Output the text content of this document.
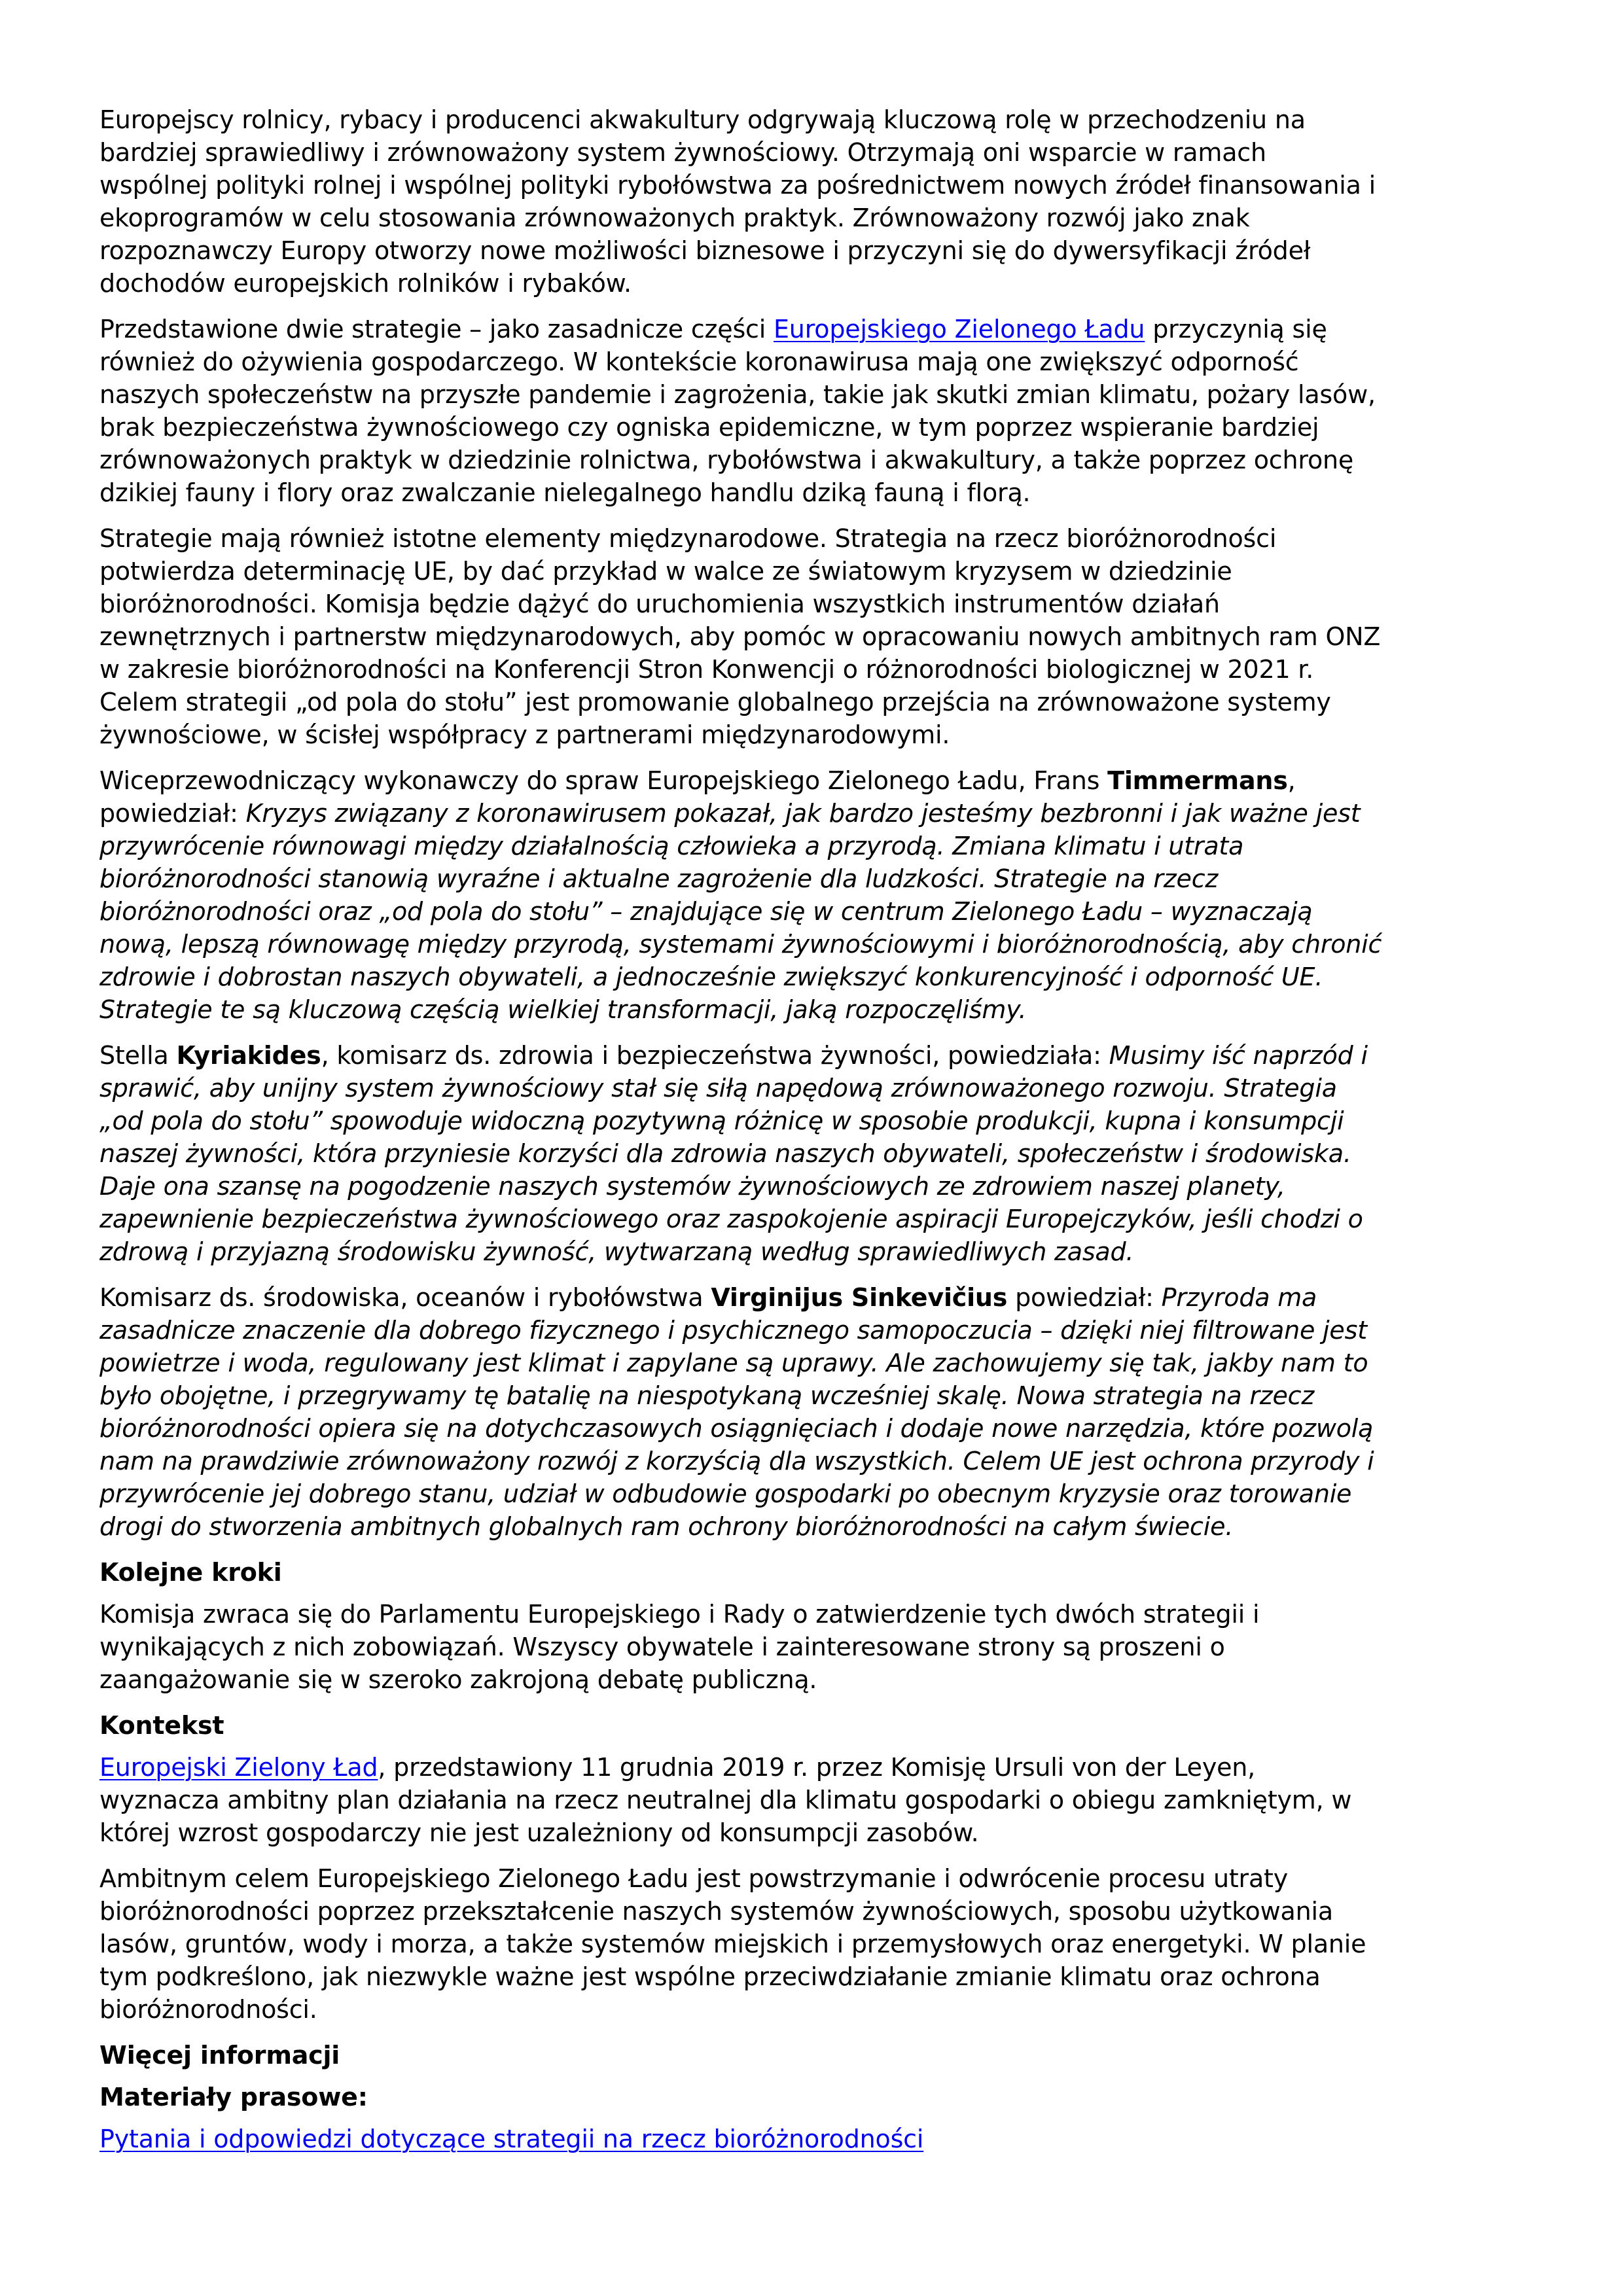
Europejscy rolnicy, rybacy i producenci akwakultury odgrywają kluczową rolę w przechodzeniu na
bardziej sprawiedliwy i zrównoważony system żywnościowy. Otrzymają oni wsparcie w ramach
wspólnej polityki rolnej i wspólnej polityki rybołówstwa za pośrednictwem nowych źródeł finansowania i
ekoprogramów w celu stosowania zrównoważonych praktyk. Zrównoważony rozwój jako znak
rozpoznawczy Europy otworzy nowe możliwości biznesowe i przyczyni się do dywersyfikacji źródeł
dochodów europejskich rolników i rybaków.

Przedstawione dwie strategie – jako zasadnicze części Europejskiego Zielonego Ładu przyczynią się
również do ożywienia gospodarczego. W kontekście koronawirusa mają one zwiększyć odporność
naszych społeczeństw na przyszłe pandemie i zagrożenia, takie jak skutki zmian klimatu, pożary lasów,
brak bezpieczeństwa żywnościowego czy ogniska epidemiczne, w tym poprzez wspieranie bardziej
zrównoważonych praktyk w dziedzinie rolnictwa, rybołówstwa i akwakultury, a także poprzez ochronę
dzikiej fauny i flory oraz zwalczanie nielegalnego handlu dziką fauną i florą.

Strategie mają również istotne elementy międzynarodowe. Strategia na rzecz bioróżnorodności
potwierdza determinację UE, by dać przykład w walce ze światowym kryzysem w dziedzinie
bioróżnorodności. Komisja będzie dążyć do uruchomienia wszystkich instrumentów działań
zewnętrznych i partnerstw międzynarodowych, aby pomóc w opracowaniu nowych ambitnych ram ONZ
w zakresie bioróżnorodności na Konferencji Stron Konwencji o różnorodności biologicznej w 2021 r.
Celem strategii „od pola do stołu” jest promowanie globalnego przejścia na zrównoważone systemy
żywnościowe, w ścisłej współpracy z partnerami międzynarodowymi.

Wiceprzewodniczący wykonawczy do spraw Europejskiego Zielonego Ładu, Frans Timmermans,
powiedział: Kryzys związany z koronawirusem pokazał, jak bardzo jesteśmy bezbronni i jak ważne jest
przywrócenie równowagi między działalnością człowieka a przyrodą. Zmiana klimatu i utrata
bioróżnorodności stanowią wyraźne i aktualne zagrożenie dla ludzkości. Strategie na rzecz
bioróżnorodności oraz „od pola do stołu” – znajdujące się w centrum Zielonego Ładu – wyznaczają
nową, lepszą równowagę między przyrodą, systemami żywnościowymi i bioróżnorodnością, aby chronić
zdrowie i dobrostan naszych obywateli, a jednocześnie zwiększyć konkurencyjność i odporność UE.
Strategie te są kluczową częścią wielkiej transformacji, jaką rozpoczęliśmy.

Stella Kyriakides, komisarz ds. zdrowia i bezpieczeństwa żywności, powiedziała: Musimy iść naprzód i
sprawić, aby unijny system żywnościowy stał się siłą napędową zrównoważonego rozwoju. Strategia
„od pola do stołu” spowoduje widoczną pozytywną różnicę w sposobie produkcji, kupna i konsumpcji
naszej żywności, która przyniesie korzyści dla zdrowia naszych obywateli, społeczeństw i środowiska.
Daje ona szansę na pogodzenie naszych systemów żywnościowych ze zdrowiem naszej planety,
zapewnienie bezpieczeństwa żywnościowego oraz zaspokojenie aspiracji Europejczyków, jeśli chodzi o
zdrową i przyjazną środowisku żywność, wytwarzaną według sprawiedliwych zasad.

Komisarz ds. środowiska, oceanów i rybołówstwa Virginijus Sinkevičius powiedział: Przyroda ma
zasadnicze znaczenie dla dobrego fizycznego i psychicznego samopoczucia – dzięki niej filtrowane jest
powietrze i woda, regulowany jest klimat i zapylane są uprawy. Ale zachowujemy się tak, jakby nam to
było obojętne, i przegrywamy tę batalię na niespotykaną wcześniej skalę. Nowa strategia na rzecz
bioróżnorodności opiera się na dotychczasowych osiągnięciach i dodaje nowe narzędzia, które pozwolą
nam na prawdziwie zrównoważony rozwój z korzyścią dla wszystkich. Celem UE jest ochrona przyrody i
przywrócenie jej dobrego stanu, udział w odbudowie gospodarki po obecnym kryzysie oraz torowanie
drogi do stworzenia ambitnych globalnych ram ochrony bioróżnorodności na całym świecie.

Kolejne kroki

Komisja zwraca się do Parlamentu Europejskiego i Rady o zatwierdzenie tych dwóch strategii i
wynikających z nich zobowiązań. Wszyscy obywatele i zainteresowane strony są proszeni o
zaangażowanie się w szeroko zakrojoną debatę publiczną.

Kontekst

Europejski Zielony Ład, przedstawiony 11 grudnia 2019 r. przez Komisję Ursuli von der Leyen,
wyznacza ambitny plan działania na rzecz neutralnej dla klimatu gospodarki o obiegu zamkniętym, w
której wzrost gospodarczy nie jest uzależniony od konsumpcji zasobów.

Ambitnym celem Europejskiego Zielonego Ładu jest powstrzymanie i odwrócenie procesu utraty
bioróżnorodności poprzez przekształcenie naszych systemów żywnościowych, sposobu użytkowania
lasów, gruntów, wody i morza, a także systemów miejskich i przemysłowych oraz energetyki. W planie
tym podkreślono, jak niezwykle ważne jest wspólne przeciwdziałanie zmianie klimatu oraz ochrona
bioróżnorodności.

Więcej informacji
Materiały prasowe:

Pytania i odpowiedzi dotyczące strategii na rzecz bioróżnorodności
